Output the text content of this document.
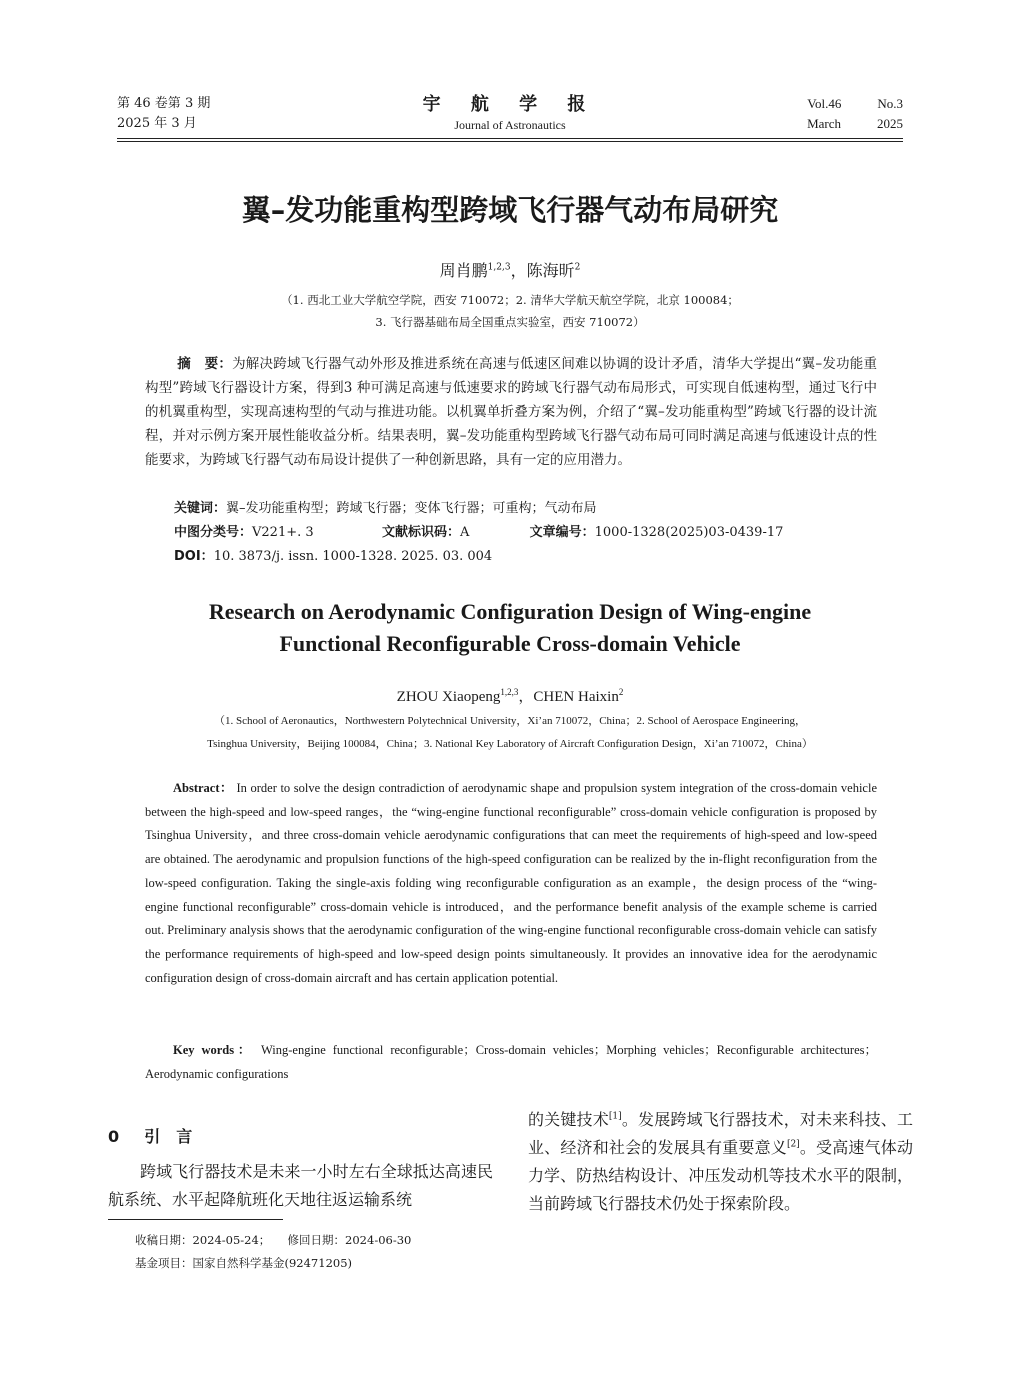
第 46 卷第 3 期
2025 年 3 月
宇 航 学 报
Journal of Astronautics
Vol.46	No.3
March	2025
翼–发功能重构型跨域飞行器气动布局研究
周肖鹏$^{1,2,3}$，陈海昕$^2$
（1. 西北工业大学航空学院，西安 710072；2. 清华大学航天航空学院，北京 100084；
3. 飞行器基础布局全国重点实验室，西安 710072）
摘　要：为解决跨域飞行器气动外形及推进系统在高速与低速区间难以协调的设计矛盾，清华大学提出“翼–发功能重构型”跨域飞行器设计方案，得到3 种可满足高速与低速要求的跨域飞行器气动布局形式，可实现自低速构型，通过飞行中的机翼重构型，实现高速构型的气动与推进功能。以机翼单折叠方案为例，介绍了“翼–发功能重构型”跨域飞行器的设计流程，并对示例方案开展性能收益分析。结果表明，翼–发功能重构型跨域飞行器气动布局可同时满足高速与低速设计点的性能要求，为跨域飞行器气动布局设计提供了一种创新思路，具有一定的应用潜力。
关键词：翼–发功能重构型；跨域飞行器；变体飞行器；可重构；气动布局
中图分类号：V221+. 3	文献标识码：A	文章编号：1000-1328(2025)03-0439-17
DOI：10. 3873/j. issn. 1000-1328. 2025. 03. 004
Research on Aerodynamic Configuration Design of Wing-engine
Functional Reconfigurable Cross-domain Vehicle
ZHOU Xiaopeng$^{1,2,3}$，CHEN Haixin$^2$
（1. School of Aeronautics，Northwestern Polytechnical University，Xi’an 710072，China；2. School of Aerospace Engineering，
Tsinghua University，Beijing 100084，China；3. National Key Laboratory of Aircraft Configuration Design，Xi’an 710072，China）
Abstract： In order to solve the design contradiction of aerodynamic shape and propulsion system integration of the cross-domain vehicle between the high-speed and low-speed ranges，the “wing-engine functional reconfigurable” cross-domain vehicle configuration is proposed by Tsinghua University，and three cross-domain vehicle aerodynamic configurations that can meet the requirements of high-speed and low-speed are obtained. The aerodynamic and propulsion functions of the high-speed configuration can be realized by the in-flight reconfiguration from the low-speed configuration. Taking the single-axis folding wing reconfigurable configuration as an example，the design process of the “wing-engine functional reconfigurable” cross-domain vehicle is introduced，and the performance benefit analysis of the example scheme is carried out. Preliminary analysis shows that the aerodynamic configuration of the wing-engine functional reconfigurable cross-domain vehicle can satisfy the performance requirements of high-speed and low-speed design points simultaneously. It provides an innovative idea for the aerodynamic configuration design of cross-domain aircraft and has certain application potential.
Key words： Wing-engine functional reconfigurable；Cross-domain vehicles；Morphing vehicles；Reconfigurable architectures；Aerodynamic configurations
0 引　言
跨域飞行器技术是未来一小时左右全球抵达高速民航系统、水平起降航班化天地往返运输系统
的关键技术[1]。发展跨域飞行器技术，对未来科技、工业、经济和社会的发展具有重要意义[2]。受高速气体动力学、防热结构设计、冲压发动机等技术水平的限制，当前跨域飞行器技术仍处于探索阶段。
收稿日期：2024-05-24；　　修回日期：2024-06-30
基金项目：国家自然科学基金(92471205)
